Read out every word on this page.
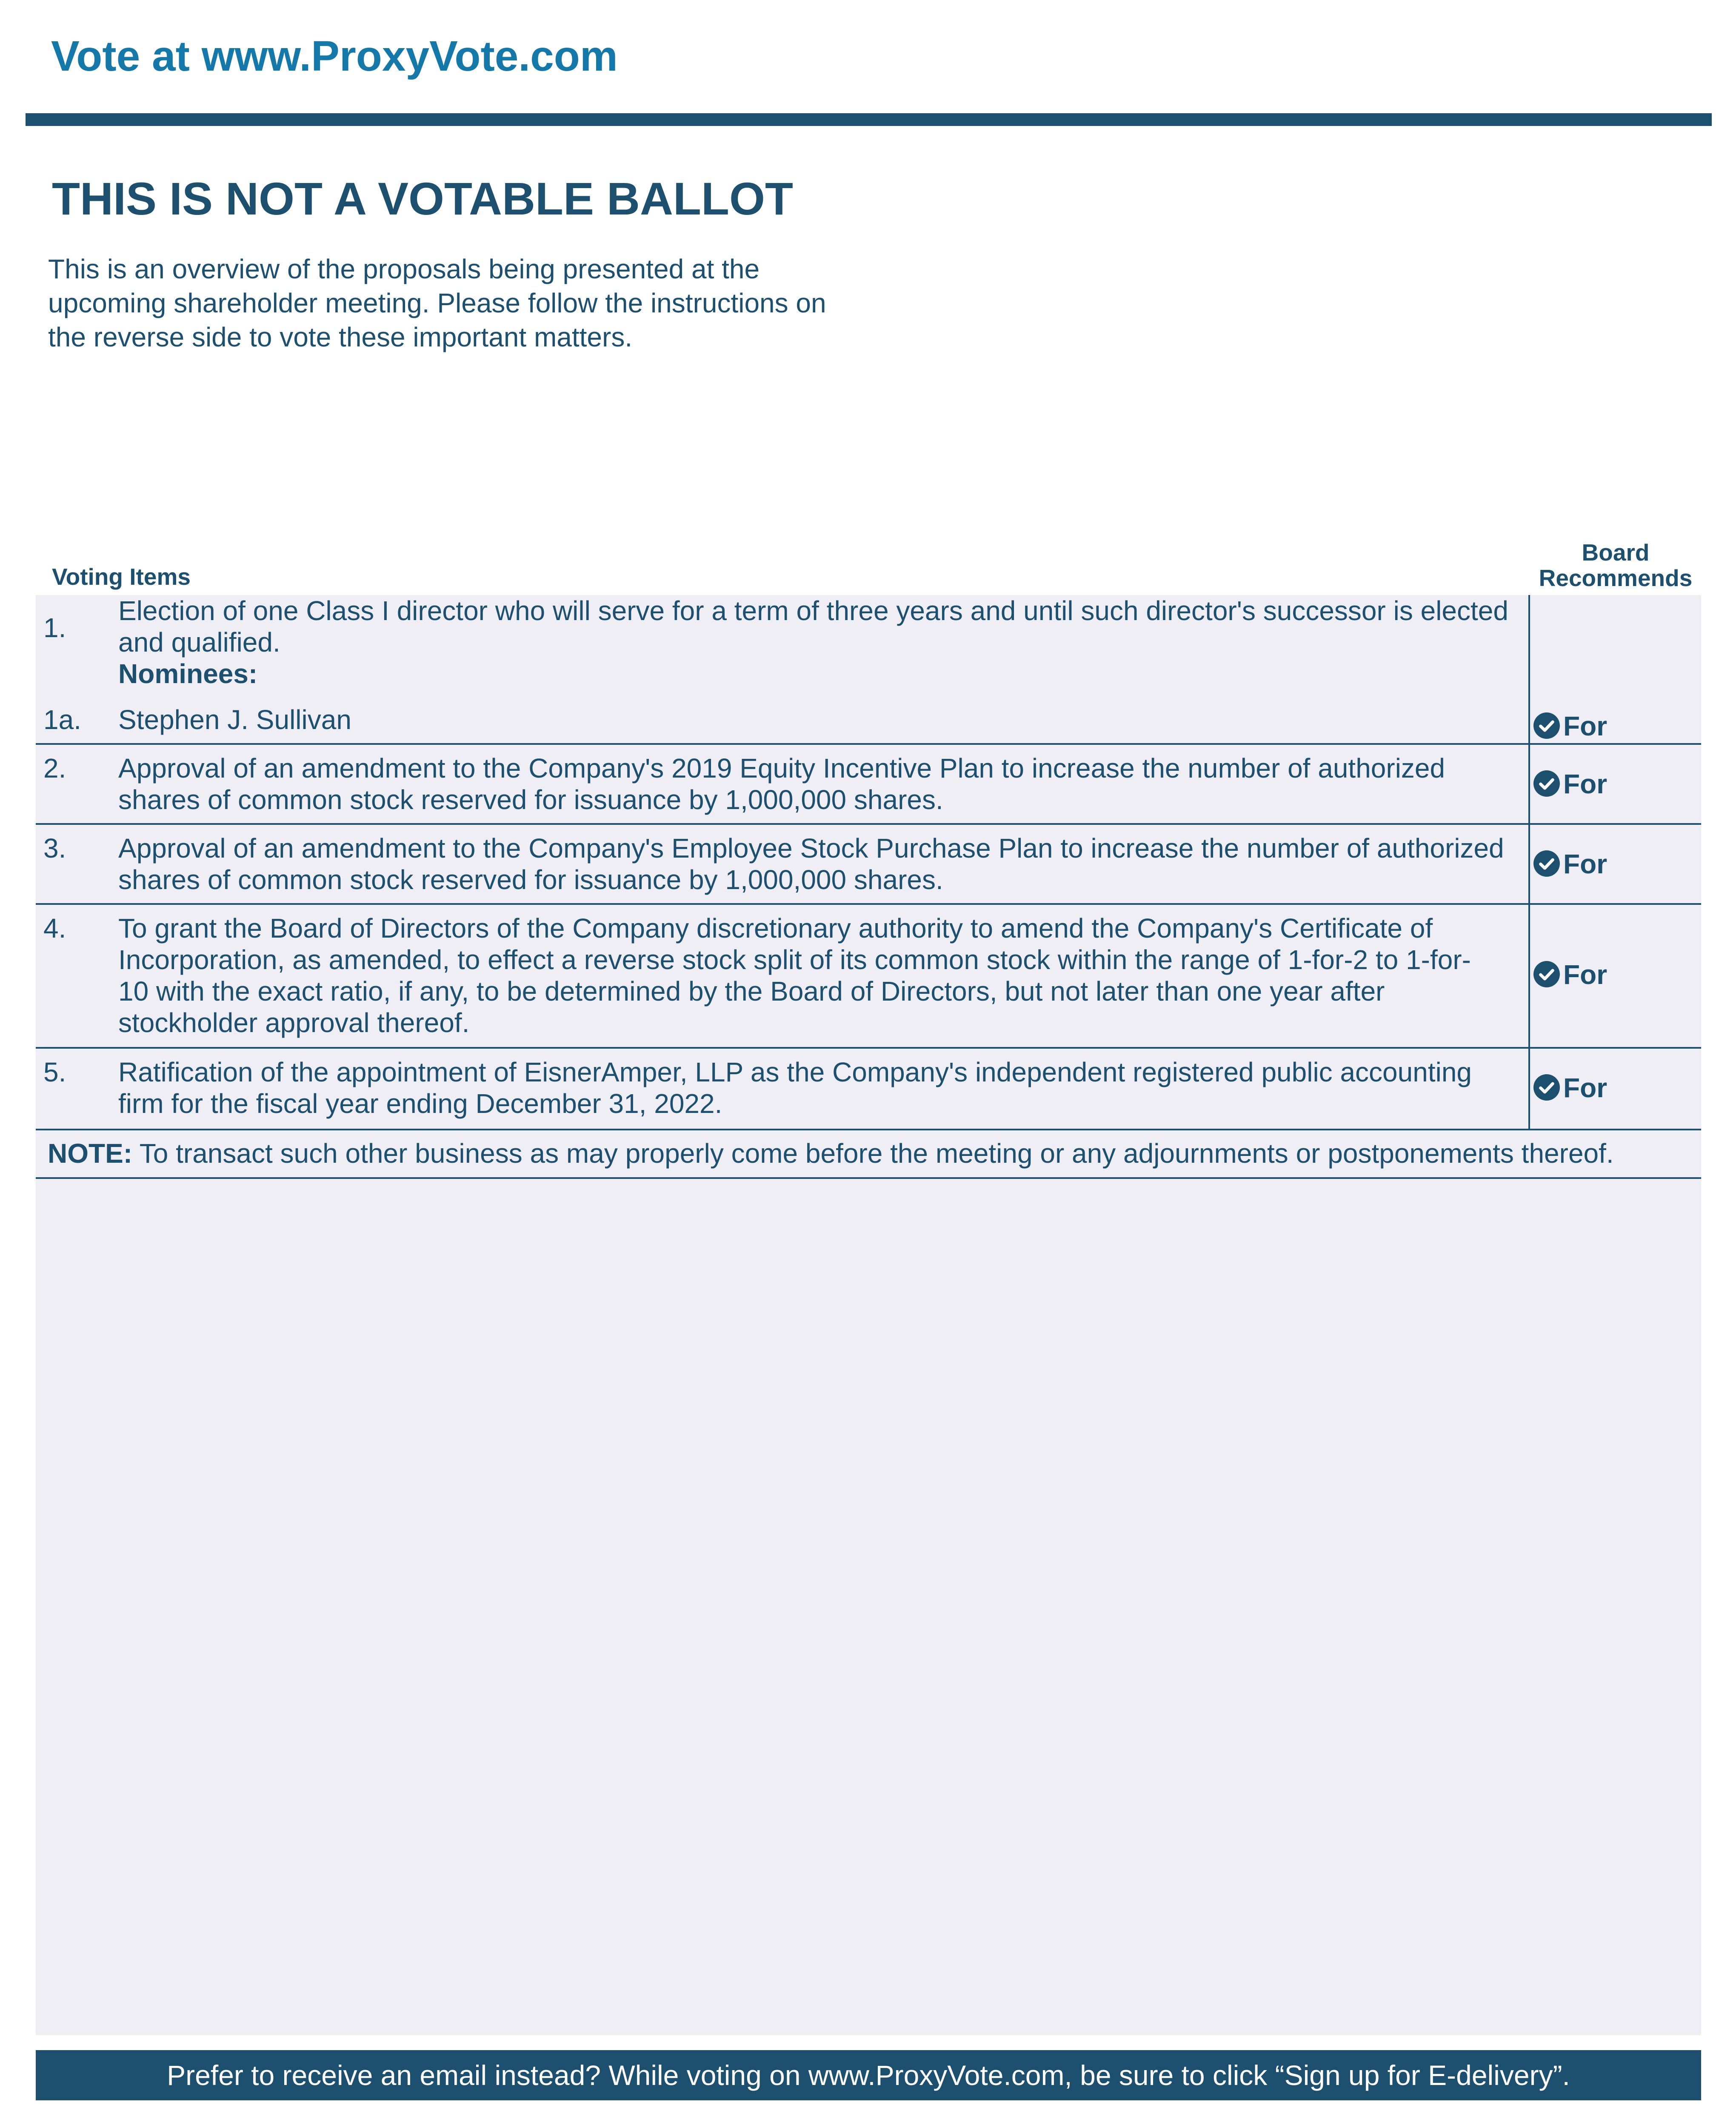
Vote at www.ProxyVote.com
THIS IS NOT A VOTABLE BALLOT
This is an overview of the proposals being presented at the
upcoming shareholder meeting. Please follow the instructions on
the reverse side to vote these important matters.
Voting Items
Board
Recommends
1.
Election of one Class I director who will serve for a term of three years and until such director's successor is elected
and qualified.
Nominees:
1a. Stephen J. Sullivan	For
2. Approval of an amendment to the Company's 2019 Equity Incentive Plan to increase the number of authorized
shares of common stock reserved for issuance by 1,000,000 shares.
For
3. Approval of an amendment to the Company's Employee Stock Purchase Plan to increase the number of authorized
shares of common stock reserved for issuance by 1,000,000 shares.
For
4. To grant the Board of Directors of the Company discretionary authority to amend the Company's Certificate of
Incorporation, as amended, to effect a reverse stock split of its common stock within the range of 1-for-2 to 1-for-
10 with the exact ratio, if any, to be determined by the Board of Directors, but not later than one year after
stockholder approval thereof.
For
5. Ratification of the appointment of EisnerAmper, LLP as the Company's independent registered public accounting
firm for the fiscal year ending December 31, 2022.
For
NOTE: To transact such other business as may properly come before the meeting or any adjournments or postponements thereof.
Prefer to receive an email instead? While voting on www.ProxyVote.com, be sure to click “Sign up for E-delivery”.
